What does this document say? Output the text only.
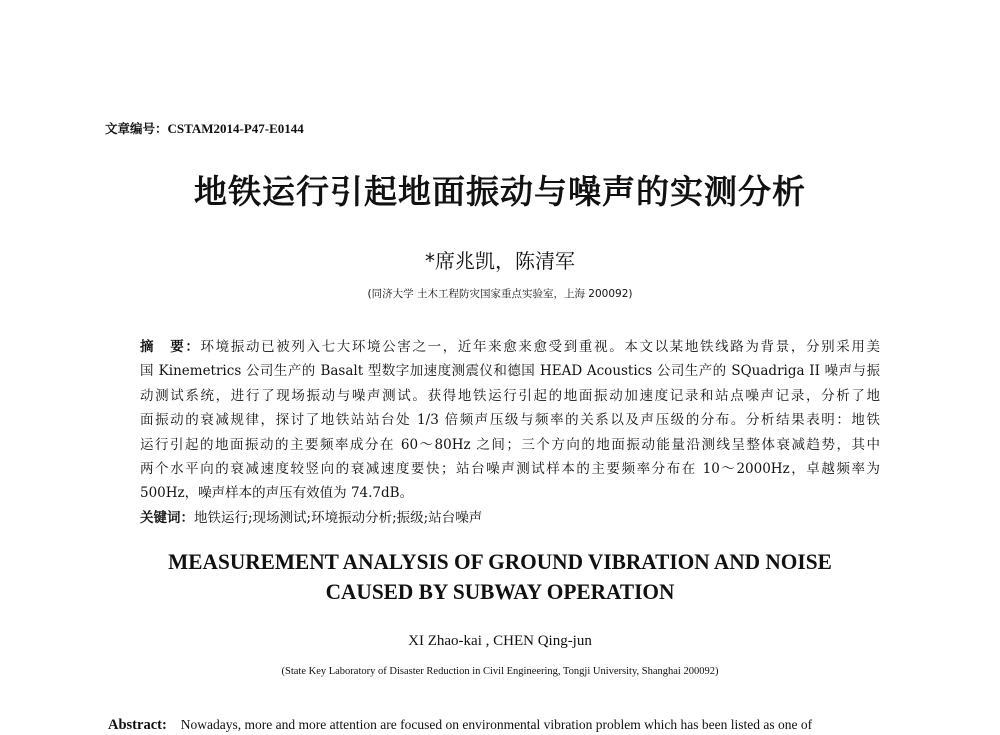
文章编号：CSTAM2014-P47-E0144
地铁运行引起地面振动与噪声的实测分析
*席兆凯，陈清军
(同济大学 土木工程防灾国家重点实验室，上海 200092)
摘　要：环境振动已被列入七大环境公害之一，近年来愈来愈受到重视。本文以某地铁线路为背景，分别采用美
国 Kinemetrics 公司生产的 Basalt 型数字加速度测震仪和德国 HEAD Acoustics 公司生产的 SQuadriga II 噪声与振
动测试系统，进行了现场振动与噪声测试。获得地铁运行引起的地面振动加速度记录和站点噪声记录，分析了地
面振动的衰减规律，探讨了地铁站站台处 1/3 倍频声压级与频率的关系以及声压级的分布。分析结果表明：地铁
运行引起的地面振动的主要频率成分在 60～80Hz 之间；三个方向的地面振动能量沿测线呈整体衰减趋势，其中
两个水平向的衰减速度较竖向的衰减速度要快；站台噪声测试样本的主要频率分布在 10～2000Hz，卓越频率为
500Hz，噪声样本的声压有效值为 74.7dB。
关键词：地铁运行;现场测试;环境振动分析;振级;站台噪声
MEASUREMENT ANALYSIS OF GROUND VIBRATION AND NOISE
CAUSED BY SUBWAY OPERATION
XI Zhao-kai , CHEN Qing-jun
(State Key Laboratory of Disaster Reduction in Civil Engineering, Tongji University, Shanghai 200092)
Abstract: Nowadays, more and more attention are focused on environmental vibration problem which has been listed as one of
